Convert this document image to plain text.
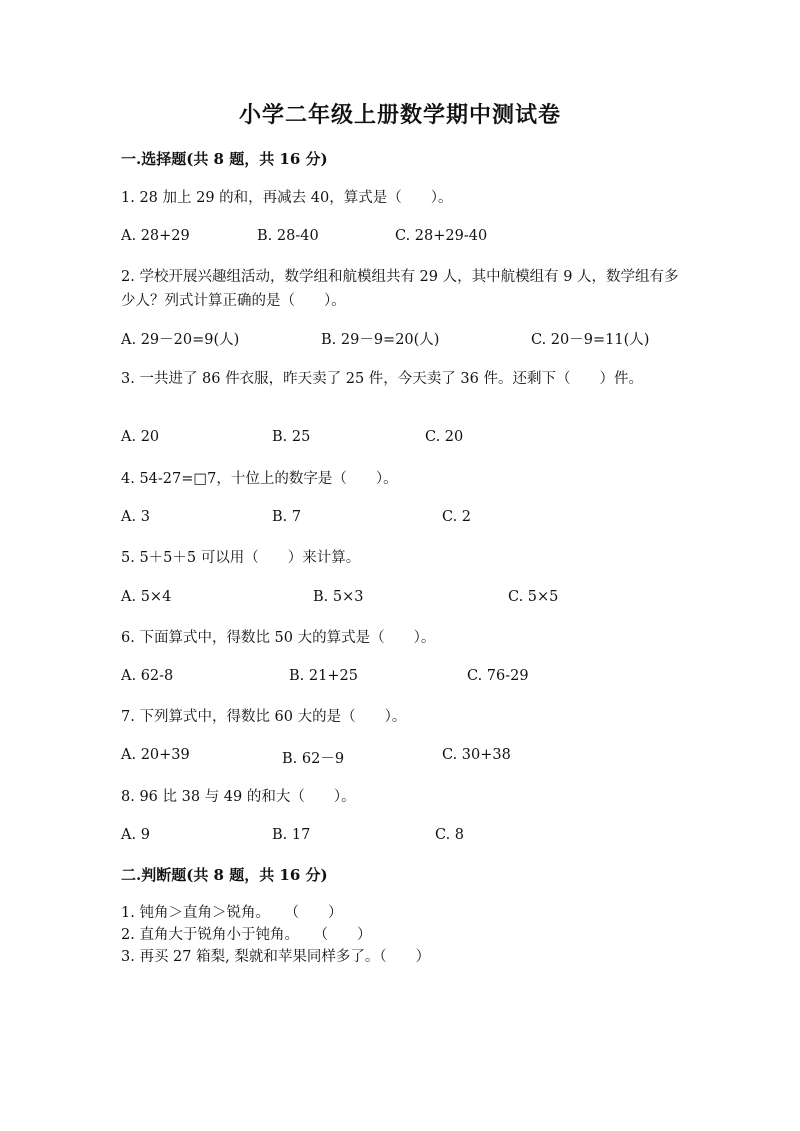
小学二年级上册数学期中测试卷
一.选择题(共 8 题，共 16 分)
1. 28 加上 29 的和，再减去 40，算式是（　　）。
A. 28+29	B. 28-40	C. 28+29-40
2. 学校开展兴趣组活动，数学组和航模组共有 29 人，其中航模组有 9 人，数学组有多少人？列式计算正确的是（　　）。
A. 29－20=9(人)	B. 29－9=20(人)	C. 20－9=11(人)
3. 一共进了 86 件衣服，昨天卖了 25 件，今天卖了 36 件。还剩下（　　）件。
A. 20	B. 25	C. 20
4. 54-27=□7，十位上的数字是（　　）。
A. 3	B. 7	C. 2
5. 5＋5＋5 可以用（　　）来计算。
A. 5×4	B. 5×3	C. 5×5
6. 下面算式中，得数比 50 大的算式是（　　）。
A. 62-8	B. 21+25	C. 76-29
7. 下列算式中，得数比 60 大的是（　　）。
A. 20+39	B. 62－9	C. 30+38
8. 96 比 38 与 49 的和大（　　）。
A. 9	B. 17	C. 8
二.判断题(共 8 题，共 16 分)
1. 钝角＞直角＞锐角。　　（　　）
2. 直角大于锐角小于钝角。　　（　　）
3. 再买 27 箱梨, 梨就和苹果同样多了。（　　）
